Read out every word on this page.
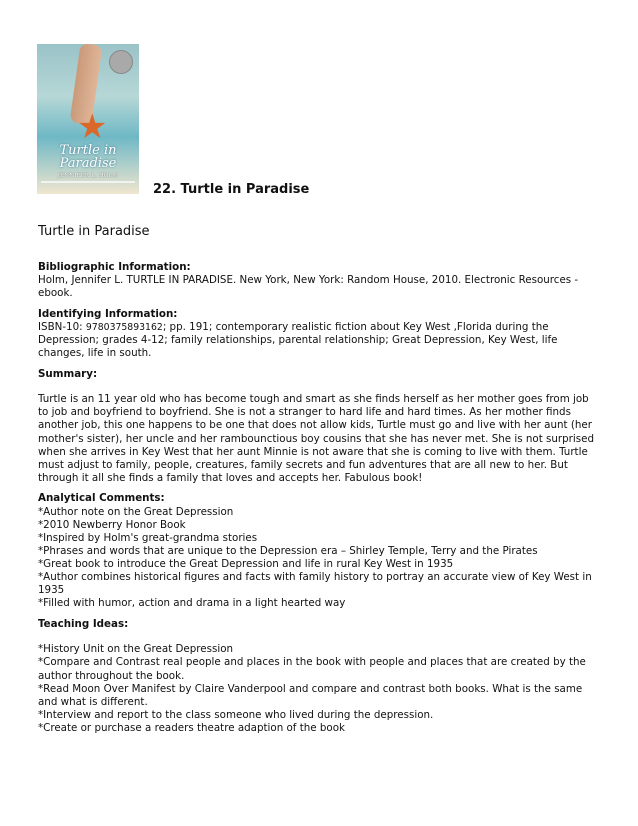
★
Turtle in
Paradise
JENNIFER L. HOLM
22. Turtle in Paradise
Turtle in Paradise

Bibliographic Information:

Holm, Jennifer L. TURTLE IN PARADISE. New York, New York: Random House, 2010. Electronic Resources - ebook.

Identifying Information:

ISBN-10: 9780375893162; pp. 191; contemporary realistic fiction about Key West ,Florida during the Depression; grades 4-12; family relationships, parental relationship; Great Depression, Key West, life changes, life in south.

Summary:

Turtle is an 11 year old who has become tough and smart as she finds herself as her mother goes from job to job and boyfriend to boyfriend. She is not a stranger to hard life and hard times. As her mother finds another job, this one happens to be one that does not allow kids, Turtle must go and live with her aunt (her mother's sister), her uncle and her rambounctious boy cousins that she has never met. She is not surprised when she arrives in Key West that her aunt Minnie is not aware that she is coming to live with them. Turtle must adjust to family, people, creatures, family secrets and fun adventures that are all new to her. But through it all she finds a family that loves and accepts her. Fabulous book!

Analytical Comments:

*Author note on the Great Depression

*2010 Newberry Honor Book

*Inspired by Holm's great-grandma stories

*Phrases and words that are unique to the Depression era – Shirley Temple, Terry and the Pirates

*Great book to introduce the Great Depression and life in rural Key West in 1935

*Author combines historical figures and facts with family history to portray an accurate view of Key West in 1935

*Filled with humor, action and drama in a light hearted way

Teaching Ideas:

*History Unit on the Great Depression

*Compare and Contrast real people and places in the book with people and places that are created by the author throughout the book.

*Read Moon Over Manifest by Claire Vanderpool and compare and contrast both books. What is the same and what is different.

*Interview and report to the class someone who lived during the depression.

*Create or purchase a readers theatre adaption of the book
